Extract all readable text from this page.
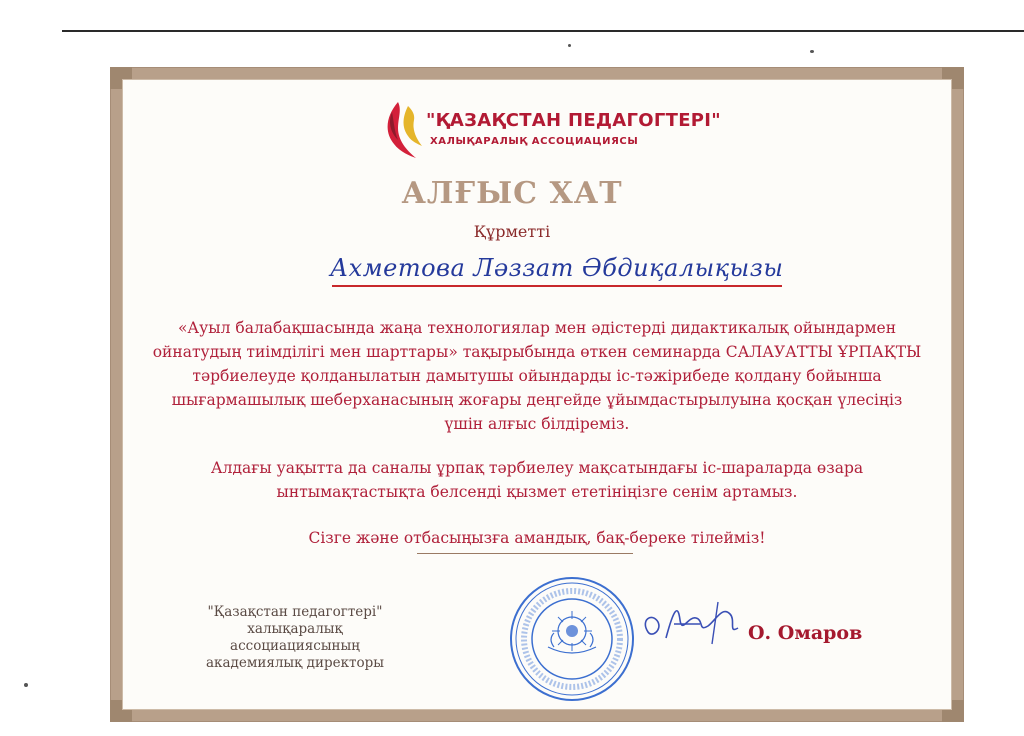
"ҚАЗАҚСТАН ПЕДАГОГТЕРІ"
ХАЛЫҚАРАЛЫҚ АССОЦИАЦИЯСЫ
АЛҒЫС ХАТ
Құрметті
Ахметова Ләззат Әбдиқалықызы

«Ауыл балабақшасында жаңа технологиялар мен әдістерді дидактикалық ойындармен ойнатудың тиімділігі мен шарттары» тақырыбында өткен семинарда САЛАУАТТЫ ҰРПАҚТЫ тәрбиелеуде қолданылатын дамытушы ойындарды іс-тәжірибеде қолдану бойынша шығармашылық шеберханасының жоғары деңгейде ұйымдастырылуына қосқан үлесіңіз үшін алғыс білдіреміз.

Алдағы уақытта да саналы ұрпақ тәрбиелеу мақсатындағы іс-шараларда өзара ынтымақтастықта белсенді қызмет ететініңізге сенім артамыз.

Сізге және отбасыңызға амандық, бақ-береке тілейміз!

"Қазақстан педагогтері"
халықаралық
ассоциациясының
академиялық директоры
О. Омаров
